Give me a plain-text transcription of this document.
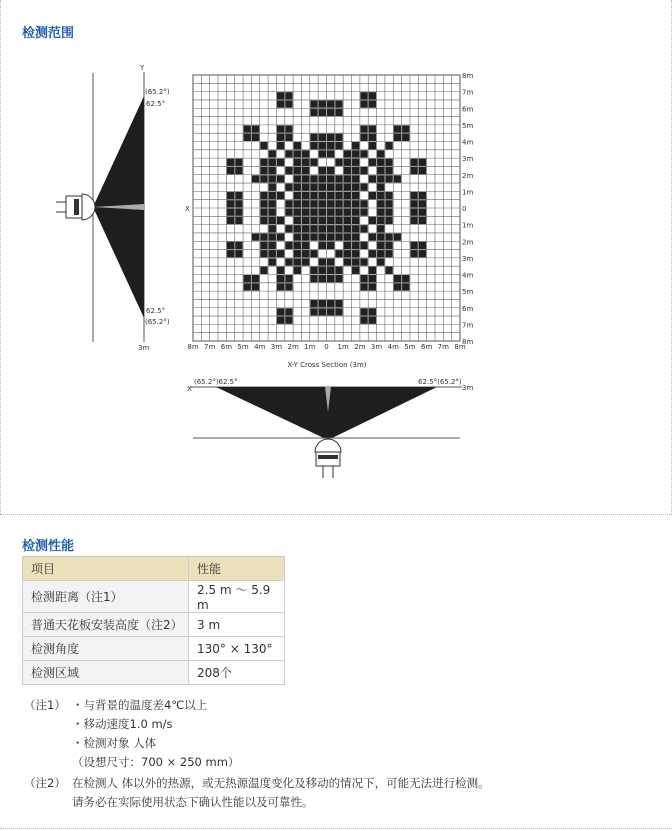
检测范围
Y
(65.2°)
62.5°
62.5°
(65.2°)
3m
X
8m
7m
6m
5m
4m
3m
2m
1m
0
1m
2m
3m
4m
5m
6m
7m
8m
8m 7m 6m 5m 4m 3m 2m 1m 0 1m 2m 3m 4m 5m 6m 7m 8m
X-Y Cross Section (3m)
X
(65.2°)62.5°	62.5°(65.2°)
3m
检测性能
项目	性能
检测距离（注1）	2.5 m ～ 5.9 m
普通天花板安装高度（注2）	3 m
检测角度	130° × 130°
检测区域	208个
（注1） ・与背景的温度差4℃以上
・移动速度1.0 m/s
・检测对象 人体
（设想尺寸：700 × 250 mm）
（注2） 在检测人 体以外的热源，或无热源温度变化及移动的情况下，可能无法进行检测。
请务必在实际使用状态下确认性能以及可靠性。
